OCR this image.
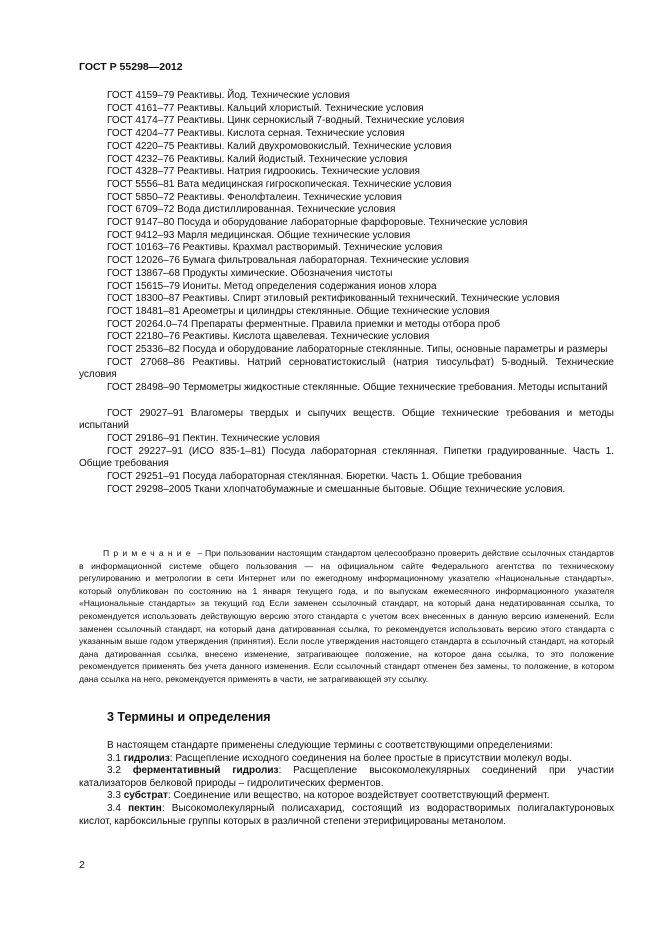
ГОСТ Р 55298—2012

ГОСТ 4159–79 Реактивы. Йод. Технические условия

ГОСТ 4161–77 Реактивы. Кальций хлористый. Технические условия

ГОСТ 4174–77 Реактивы. Цинк сернокислый 7-водный. Технические условия

ГОСТ 4204–77 Реактивы. Кислота серная. Технические условия

ГОСТ 4220–75 Реактивы. Калий двухромовокислый. Технические условия

ГОСТ 4232–76 Реактивы. Калий йодистый. Технические условия

ГОСТ 4328–77 Реактивы. Натрия гидроокись. Технические условия

ГОСТ 5556–81 Вата медицинская гигроскопическая. Технические условия

ГОСТ 5850–72 Реактивы. Фенолфталеин. Технические условия

ГОСТ 6709–72 Вода дистиллированная. Технические условия

ГОСТ 9147–80 Посуда и оборудование лабораторные фарфоровые. Технические условия

ГОСТ 9412–93 Марля медицинская. Общие технические условия

ГОСТ 10163–76 Реактивы. Крахмал растворимый. Технические условия

ГОСТ 12026–76 Бумага фильтровальная лабораторная. Технические условия

ГОСТ 13867–68 Продукты химические. Обозначения чистоты

ГОСТ 15615–79 Иониты. Метод определения содержания ионов хлора

ГОСТ 18300–87 Реактивы. Спирт этиловый ректификованный технический. Технические условия

ГОСТ 18481–81 Ареометры и цилиндры стеклянные. Общие технические условия

ГОСТ 20264.0–74 Препараты ферментные. Правила приемки и методы отбора проб

ГОСТ 22180–76 Реактивы. Кислота щавелевая. Технические условия

ГОСТ 25336–82 Посуда и оборудование лабораторные стеклянные. Типы, основные параметры и размеры

ГОСТ 27068–86 Реактивы. Натрий серноватистокислый (натрия тиосульфат) 5-водный. Технические условия

ГОСТ 28498–90 Термометры жидкостные стеклянные. Общие технические требования. Методы испытаний

ГОСТ 29027–91 Влагомеры твердых и сыпучих веществ. Общие технические требования и методы испытаний

ГОСТ 29186–91 Пектин. Технические условия

ГОСТ 29227–91 (ИСО 835-1–81) Посуда лабораторная стеклянная. Пипетки градуированные. Часть 1. Общие требования

ГОСТ 29251–91 Посуда лабораторная стеклянная. Бюретки. Часть 1. Общие требования

ГОСТ 29298–2005 Ткани хлопчатобумажные и смешанные бытовые. Общие технические условия.

Примечание – При пользовании настоящим стандартом целесообразно проверить действие ссылочных стандартов в информационной системе общего пользования — на официальном сайте Федерального агентства по техническому регулированию и метрологии в сети Интернет или по ежегодному информационному указателю «Национальные стандарты», который опубликован по состоянию на 1 января текущего года, и по выпускам ежемесячного информационного указателя «Национальные стандарты» за текущий год Если заменен ссылочный стандарт, на который дана недатированная ссылка, то рекомендуется использовать действующую версию этого стандарта с учетом всех внесенных в данную версию изменений. Если заменен ссылочный стандарт, на который дана датированная ссылка, то рекомендуется использовать версию этого стандарта с указанным выше годом утверждения (принятия). Если после утверждения настоящего стандарта в ссылочный стандарт, на который дана датированная ссылка, внесено изменение, затрагивающее положение, на которое дана ссылка, то это положение рекомендуется применять без учета данного изменения. Если ссылочный стандарт отменен без замены, то положение, в котором дана ссылка на него, рекомендуется применять в части, не затрагивающей эту ссылку.

3 Термины и определения

В настоящем стандарте применены следующие термины с соответствующими определениями:

3.1 гидролиз: Расщепление исходного соединения на более простые в присутствии молекул воды.

3.2 ферментативный гидролиз: Расщепление высокомолекулярных соединений при участии катализаторов белковой природы – гидролитических ферментов.

3.3 субстрат: Соединение или вещество, на которое воздействует соответствующий фермент.

3.4 пектин: Высокомолекулярный полисахарид, состоящий из водорастворимых полигалактуроновых кислот, карбоксильные группы которых в различной степени этерифицированы метанолом.

2
